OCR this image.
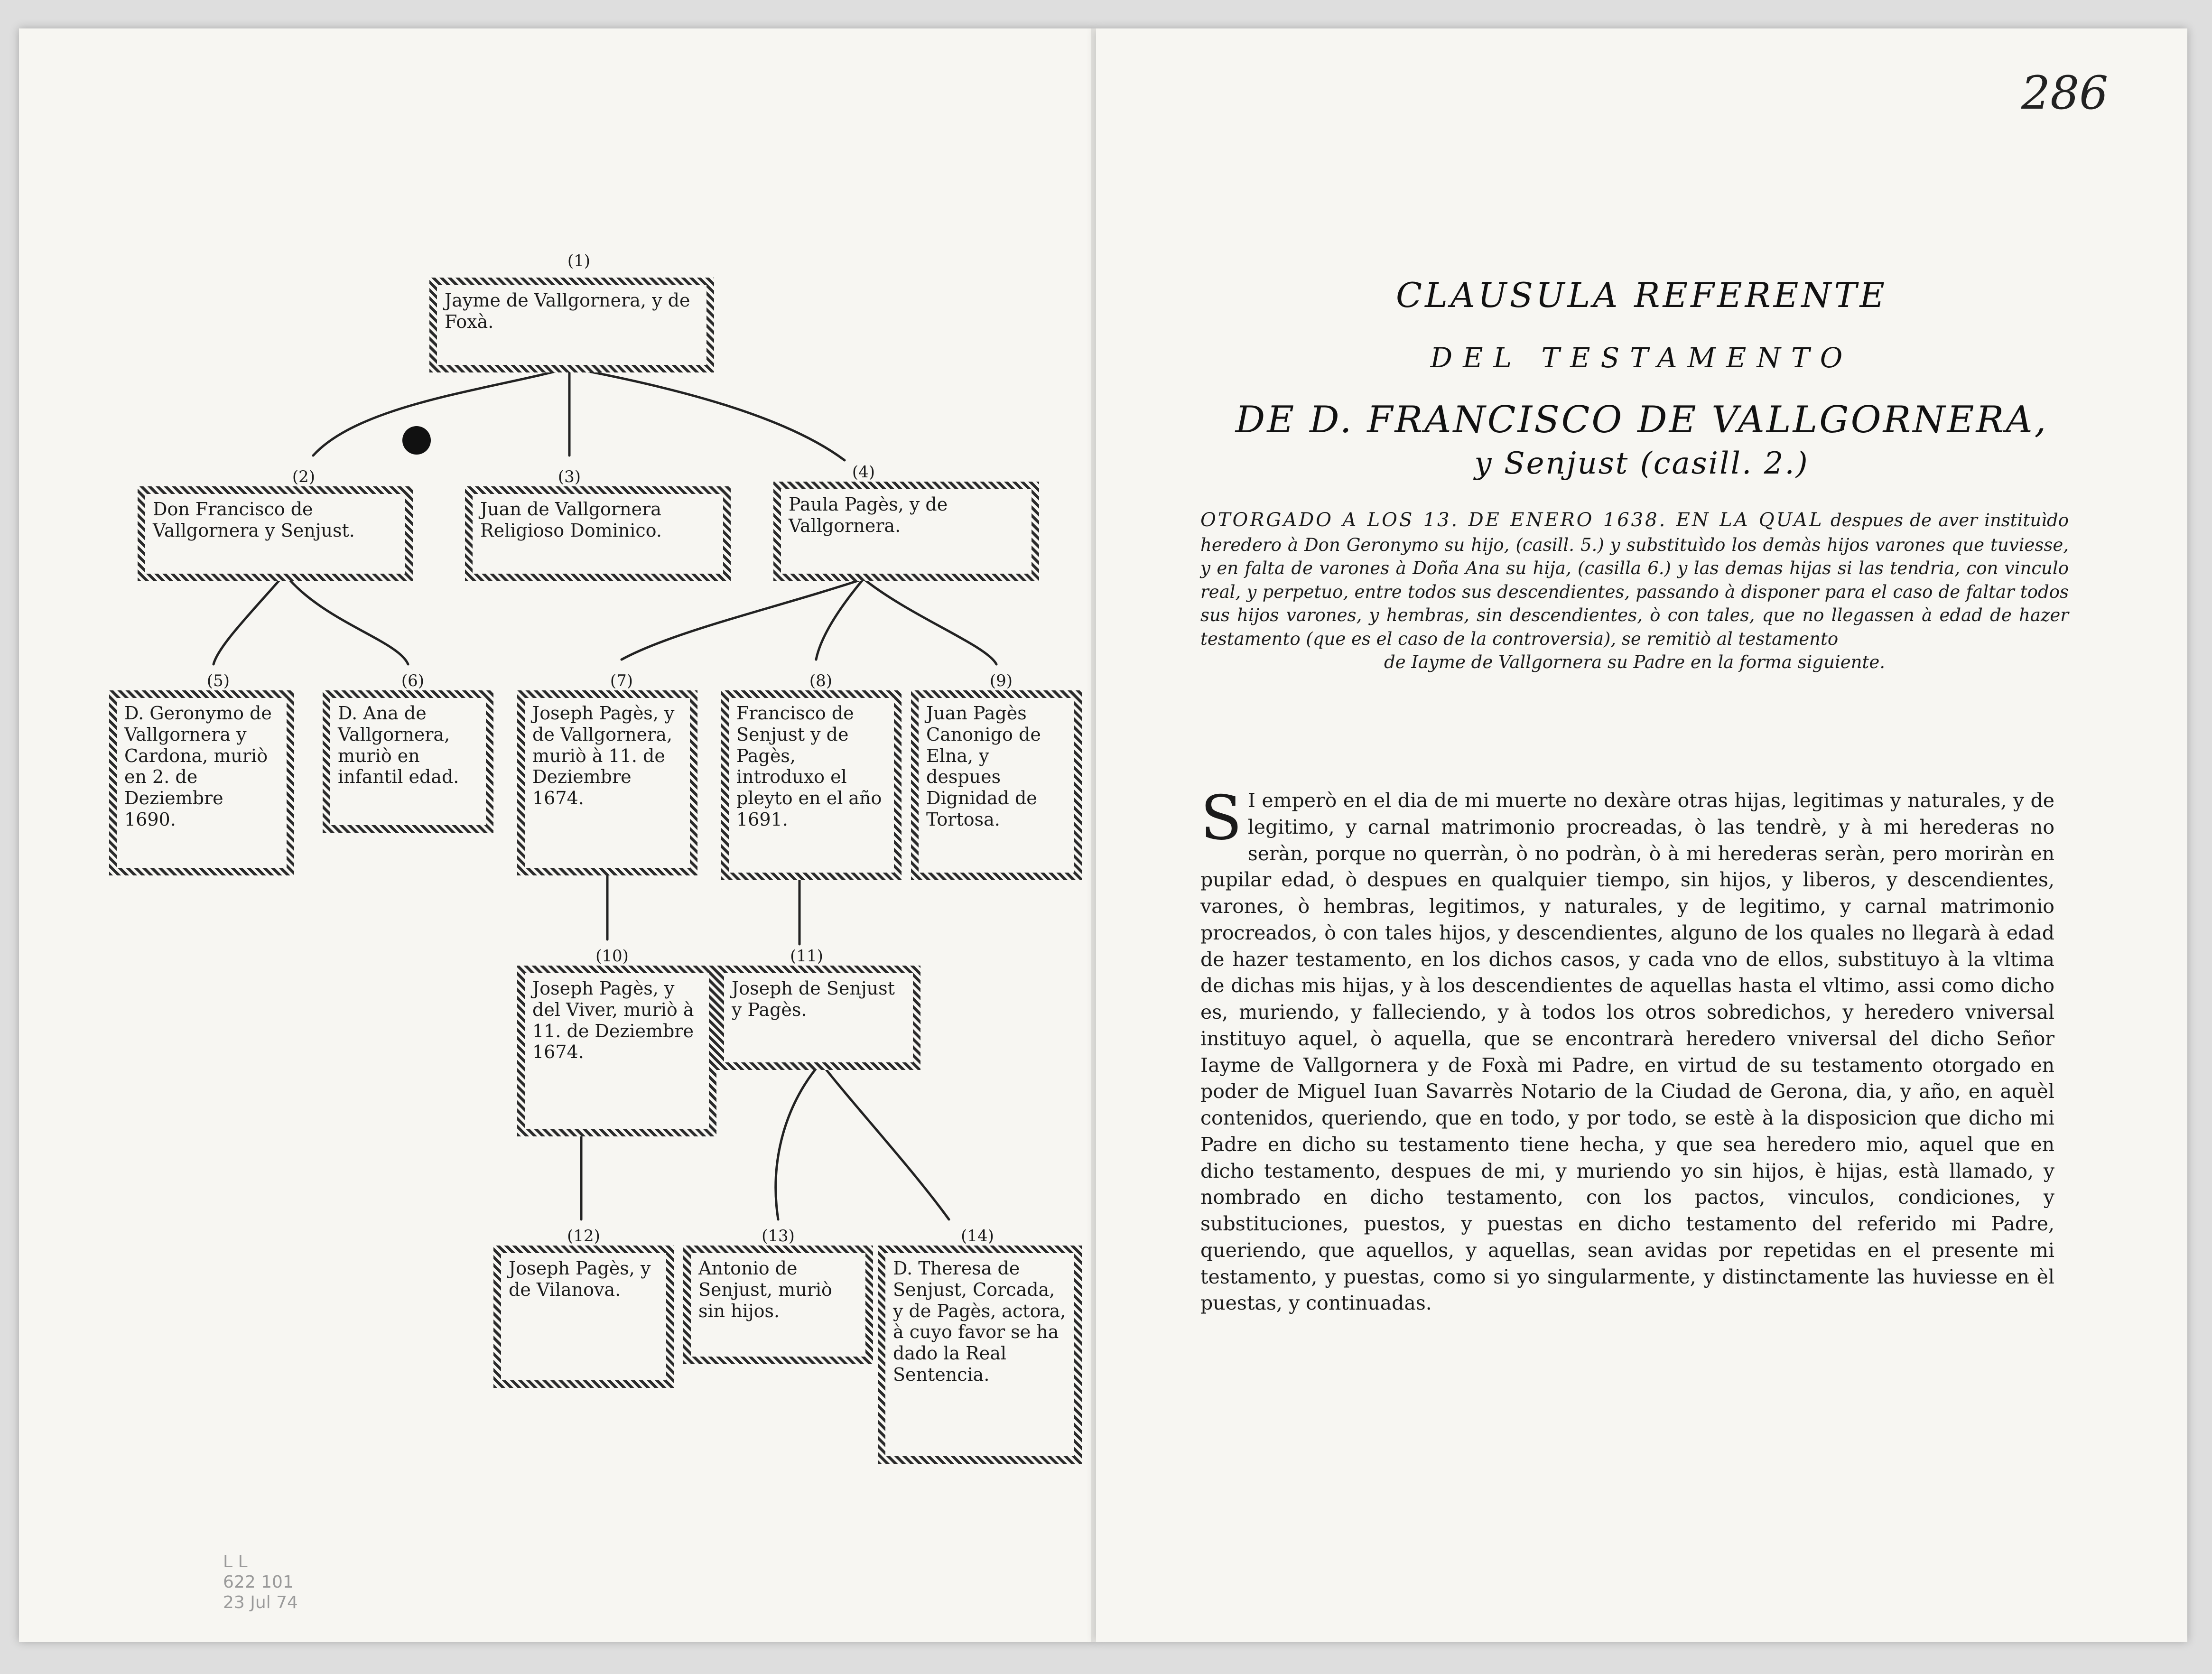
(1)
(2)	(3)	(4)
(5)	(6)	(7)	(8)	(9)
(10)	(11)
(12)	(13)	(14)
Jayme de Vallgornera, y de Foxà.
Don Francisco de Vallgornera y Senjust.
Juan de Vallgornera Religioso Dominico.
Paula Pagès, y de Vallgornera.
D. Geronymo de Vallgornera y Cardona, muriò en 2. de Deziembre 1690.
D. Ana de Vallgornera, muriò en infantil edad.
Joseph Pagès, y de Vallgornera, muriò à 11. de Deziembre 1674.
Francisco de Senjust y de Pagès, introduxo el pleyto en el año 1691.
Juan Pagès Canonigo de Elna, y despues Dignidad de Tortosa.
Joseph Pagès, y del Viver, muriò à 11. de Deziembre 1674.
Joseph de Senjust y Pagès.
Joseph Pagès, y de Vilanova.
Antonio de Senjust, muriò sin hijos.
D. Theresa de Senjust, Corcada, y de Pagès, actora, à cuyo favor se ha dado la Real Sentencia.
L L
622 101
23 Jul 74
286
CLAUSULA REFERENTE
DEL TESTAMENTO
DE D. FRANCISCO DE VALLGORNERA,
y Senjust (casill. 2.)
OTORGADO A LOS 13. DE ENERO 1638. EN LA QUAL despues de aver instituìdo heredero à Don Geronymo su hijo, (casill. 5.) y substituìdo los demàs hijos varones que tuviesse, y en falta de varones à Doña Ana su hija, (casilla 6.) y las demas hijas si las tendria, con vinculo real, y perpetuo, entre todos sus descendientes, passando à disponer para el caso de faltar todos sus hijos varones, y hembras, sin descendientes, ò con tales, que no llegassen à edad de hazer testamento (que es el caso de la controversia), se remitiò al testamento
de Iayme de Vallgornera su Padre en la forma siguiente.
S I emperò en el dia de mi muerte no dexàre otras hijas, legitimas y naturales, y de legitimo, y carnal matrimonio procreadas, ò las tendrè, y à mi herederas no seràn, porque no querràn, ò no podràn, ò à mi herederas seràn, pero moriràn en pupilar edad, ò despues en qualquier tiempo, sin hijos, y liberos, y descendientes, varones, ò hembras, legitimos, y naturales, y de legitimo, y carnal matrimonio procreados, ò con tales hijos, y descendientes, alguno de los quales no llegarà à edad de hazer testamento, en los dichos casos, y cada vno de ellos, substituyo à la vltima de dichas mis hijas, y à los descendientes de aquellas hasta el vltimo, assi como dicho es, muriendo, y falleciendo, y à todos los otros sobredichos, y heredero vniversal instituyo aquel, ò aquella, que se encontrarà heredero vniversal del dicho Señor Iayme de Vallgornera y de Foxà mi Padre, en virtud de su testamento otorgado en poder de Miguel Iuan Savarrès Notario de la Ciudad de Gerona, dia, y año, en aquèl contenidos, queriendo, que en todo, y por todo, se estè à la disposicion que dicho mi Padre en dicho su testamento tiene hecha, y que sea heredero mio, aquel que en dicho testamento, despues de mi, y muriendo yo sin hijos, è hijas, està llamado, y nombrado en dicho testamento, con los pactos, vinculos, condiciones, y substituciones, puestos, y puestas en dicho testamento del referido mi Padre, queriendo, que aquellos, y aquellas, sean avidas por repetidas en el presente mi testamento, y puestas, como si yo singularmente, y distinctamente las huviesse en èl puestas, y continuadas.
